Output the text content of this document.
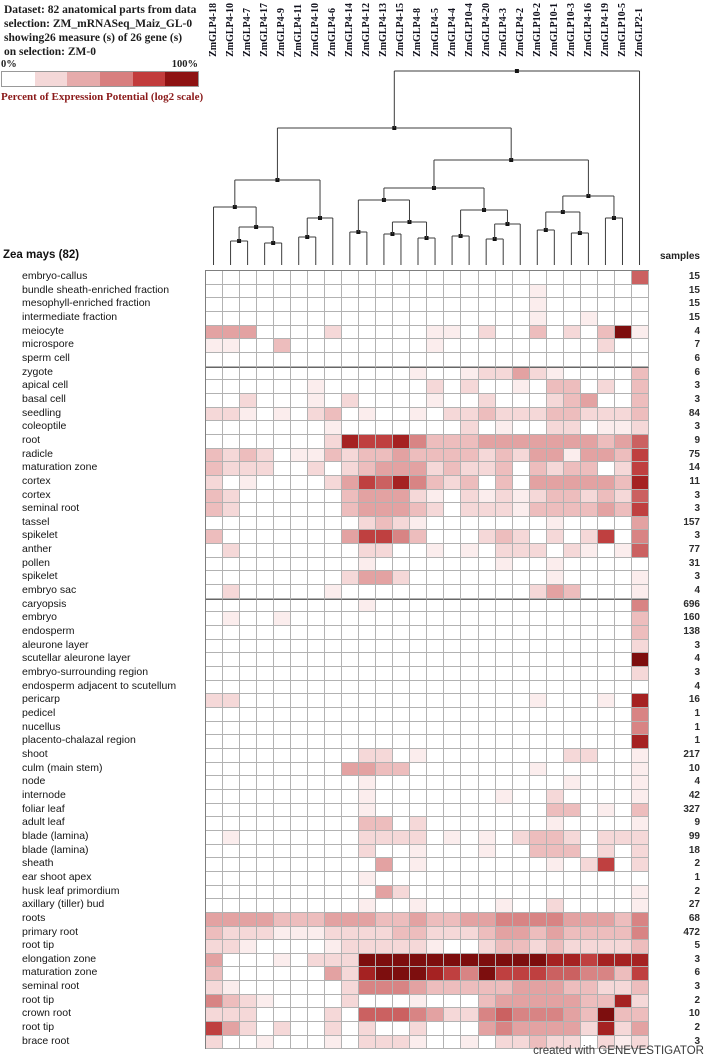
Dataset: 82 anatomical parts from data
selection: ZM_mRNASeq_Maiz_GL-0
showing26 measure (s) of 26 gene (s)
on selection: ZM-0
0%	100%
Percent of Expression Potential (log2 scale)
ZmGLP4-18 ZmGLP4-10 ZmGLP4-7 ZmGLP4-17 ZmGLP4-9 ZmGLP4-11 ZmGLP4-10 ZmGLP4-6 ZmGLP4-14 ZmGLP4-12 ZmGLP4-13 ZmGLP4-15 ZmGLP4-8 ZmGLP4-5 ZmGLP4-4 ZmGLP10-4 ZmGLP4-20 ZmGLP4-3 ZmGLP4-2 ZmGLP10-2 ZmGLP10-1 ZmGLP10-3 ZmGLP4-16 ZmGLP4-19 ZmGLP10-5 ZmGLP2-1
Zea mays (82)	samples
embryo-callus
bundle sheath-enriched fraction
mesophyll-enriched fraction
intermediate fraction
meiocyte
microspore
sperm cell
zygote
apical cell
basal cell
seedling
coleoptile
root
radicle
maturation zone
cortex
cortex
seminal root
tassel
spikelet
anther
pollen
spikelet
embryo sac
caryopsis
embryo
endosperm
aleurone layer
scutellar aleurone layer
embryo-surrounding region
endosperm adjacent to scutellum
pericarp
pedicel
nucellus
placento-chalazal region
shoot
culm (main stem)
node
internode
foliar leaf
adult leaf
blade (lamina)
blade (lamina)
sheath
ear shoot apex
husk leaf primordium
axillary (tiller) bud
roots
primary root
root tip
elongation zone
maturation zone
seminal root
root tip
crown root
root tip
brace root
15
15
15
15
4
7
6
6
3
3
84
3
9
75
14
11
3
3
157
3
77
31
3
4
696
160
138
3
4
3
4
16
1
1
1
217
10
4
42
327
9
99
18
2
1
2
27
68
472
5
3
6
3
2
10
2
3
created with GENEVESTIGATOR
